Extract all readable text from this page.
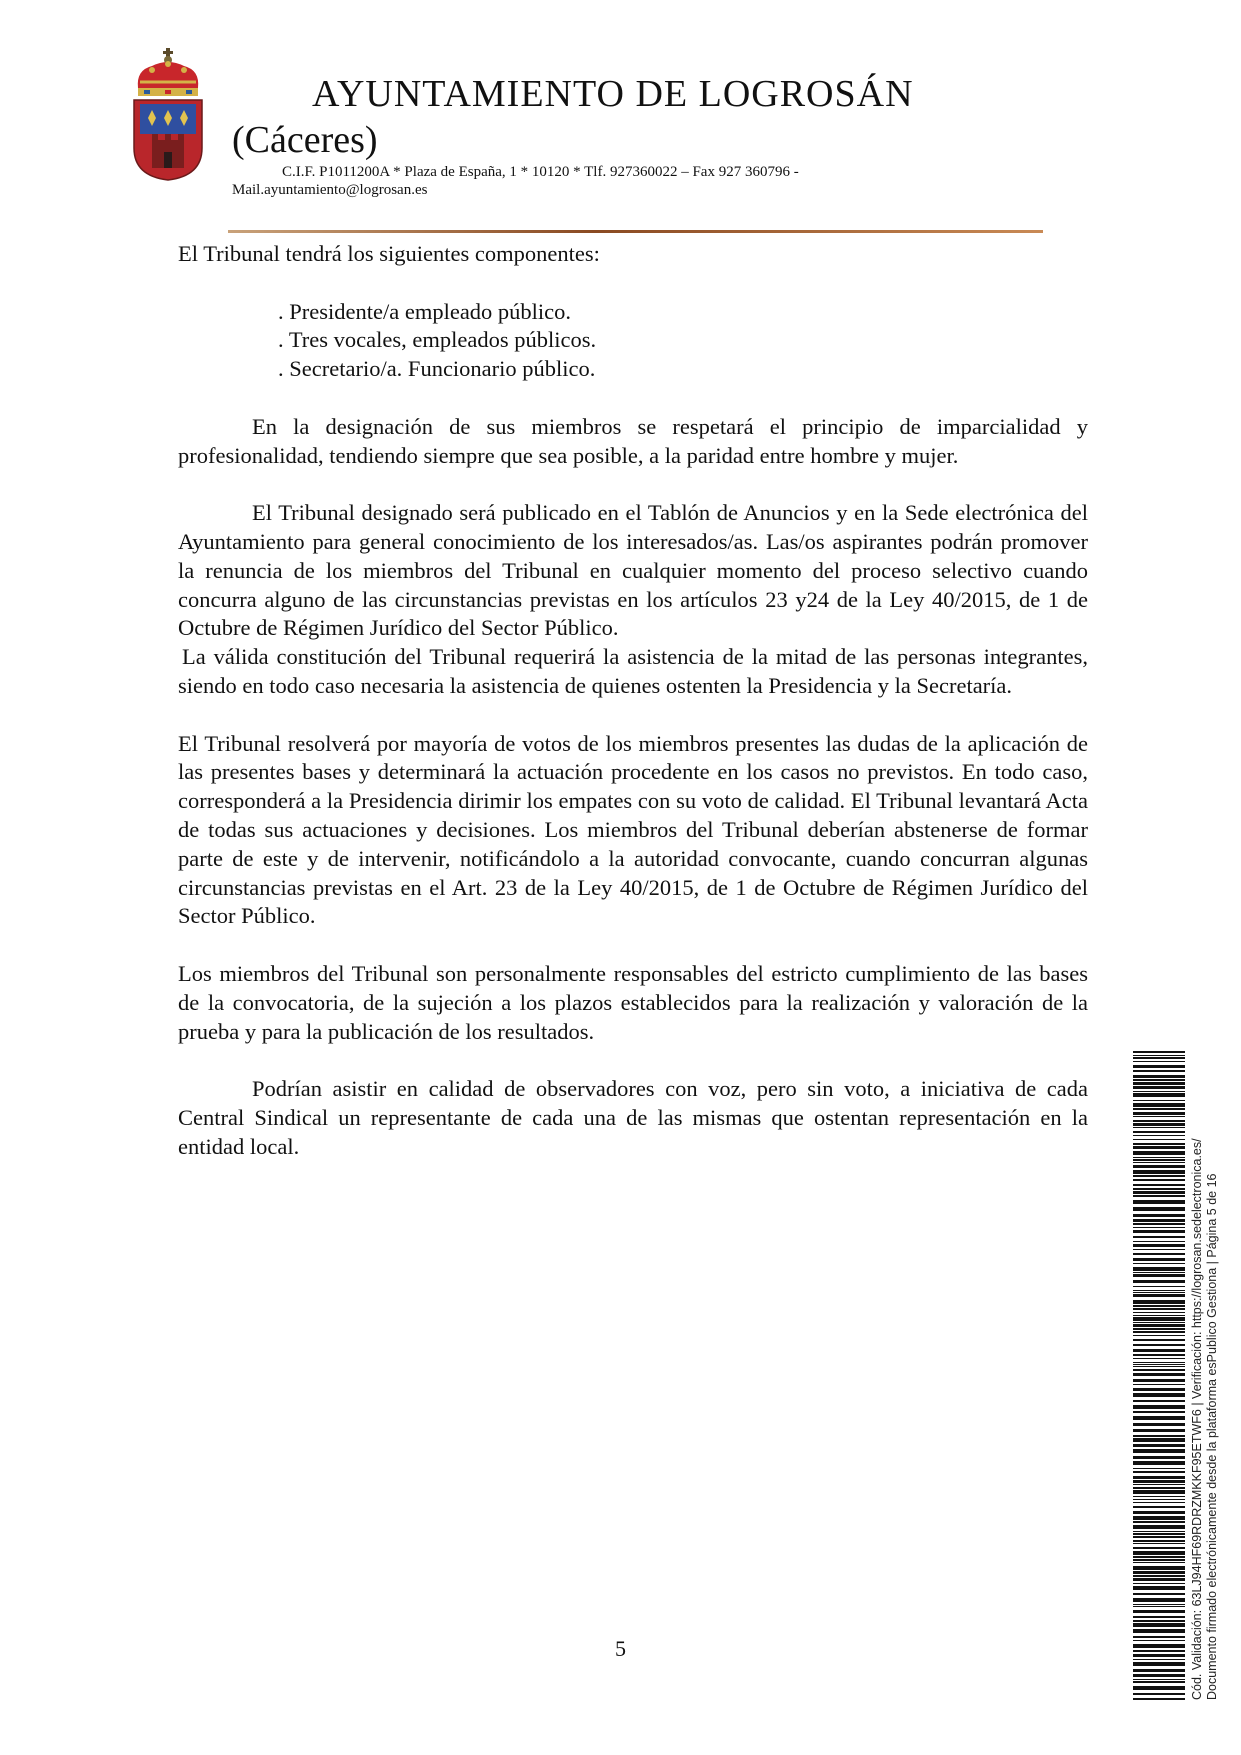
AYUNTAMIENTO DE LOGROSÁN
(Cáceres)
C.I.F. P1011200A * Plaza de España, 1 * 10120 * Tlf. 927360022 – Fax 927 360796 -
Mail.ayuntamiento@logrosan.es

El Tribunal tendrá los siguientes componentes:

. Presidente/a empleado público.
. Tres vocales, empleados públicos.
. Secretario/a. Funcionario público.

En la designación de sus miembros se respetará el principio de imparcialidad y profesionalidad, tendiendo siempre que sea posible, a la paridad entre hombre y mujer.

El Tribunal designado será publicado en el Tablón de Anuncios y en la Sede electrónica del Ayuntamiento para general conocimiento de los interesados/as. Las/os aspirantes podrán promover la renuncia de los miembros del Tribunal en cualquier momento del proceso selectivo cuando concurra alguno de las circunstancias previstas en los artículos 23 y24 de la Ley 40/2015, de 1 de Octubre de Régimen Jurídico del Sector Público.

La válida constitución del Tribunal requerirá la asistencia de la mitad de las personas integrantes, siendo en todo caso necesaria la asistencia de quienes ostenten la Presidencia y la Secretaría.

El Tribunal resolverá por mayoría de votos de los miembros presentes las dudas de la aplicación de las presentes bases y determinará la actuación procedente en los casos no previstos. En todo caso, corresponderá a la Presidencia dirimir los empates con su voto de calidad. El Tribunal levantará Acta de todas sus actuaciones y decisiones. Los miembros del Tribunal deberían abstenerse de formar parte de este y de intervenir, notificándolo a la autoridad convocante, cuando concurran algunas circunstancias previstas en el Art. 23 de la Ley 40/2015, de 1 de Octubre de Régimen Jurídico del Sector Público.

Los miembros del Tribunal son personalmente responsables del estricto cumplimiento de las bases de la convocatoria, de la sujeción a los plazos establecidos para la realización y valoración de la prueba y para la publicación de los resultados.

Podrían asistir en calidad de observadores con voz, pero sin voto, a iniciativa de cada Central Sindical un representante de cada una de las mismas que ostentan representación en la entidad local.	Cód. Validación: 63LJ94HF69RDRZMKKF95ETWF6 | Verificación: https://logrosan.sedelectronica.es/ Documento firmado electrónicamente desde la plataforma esPublico Gestiona | Página 5 de 16
5
